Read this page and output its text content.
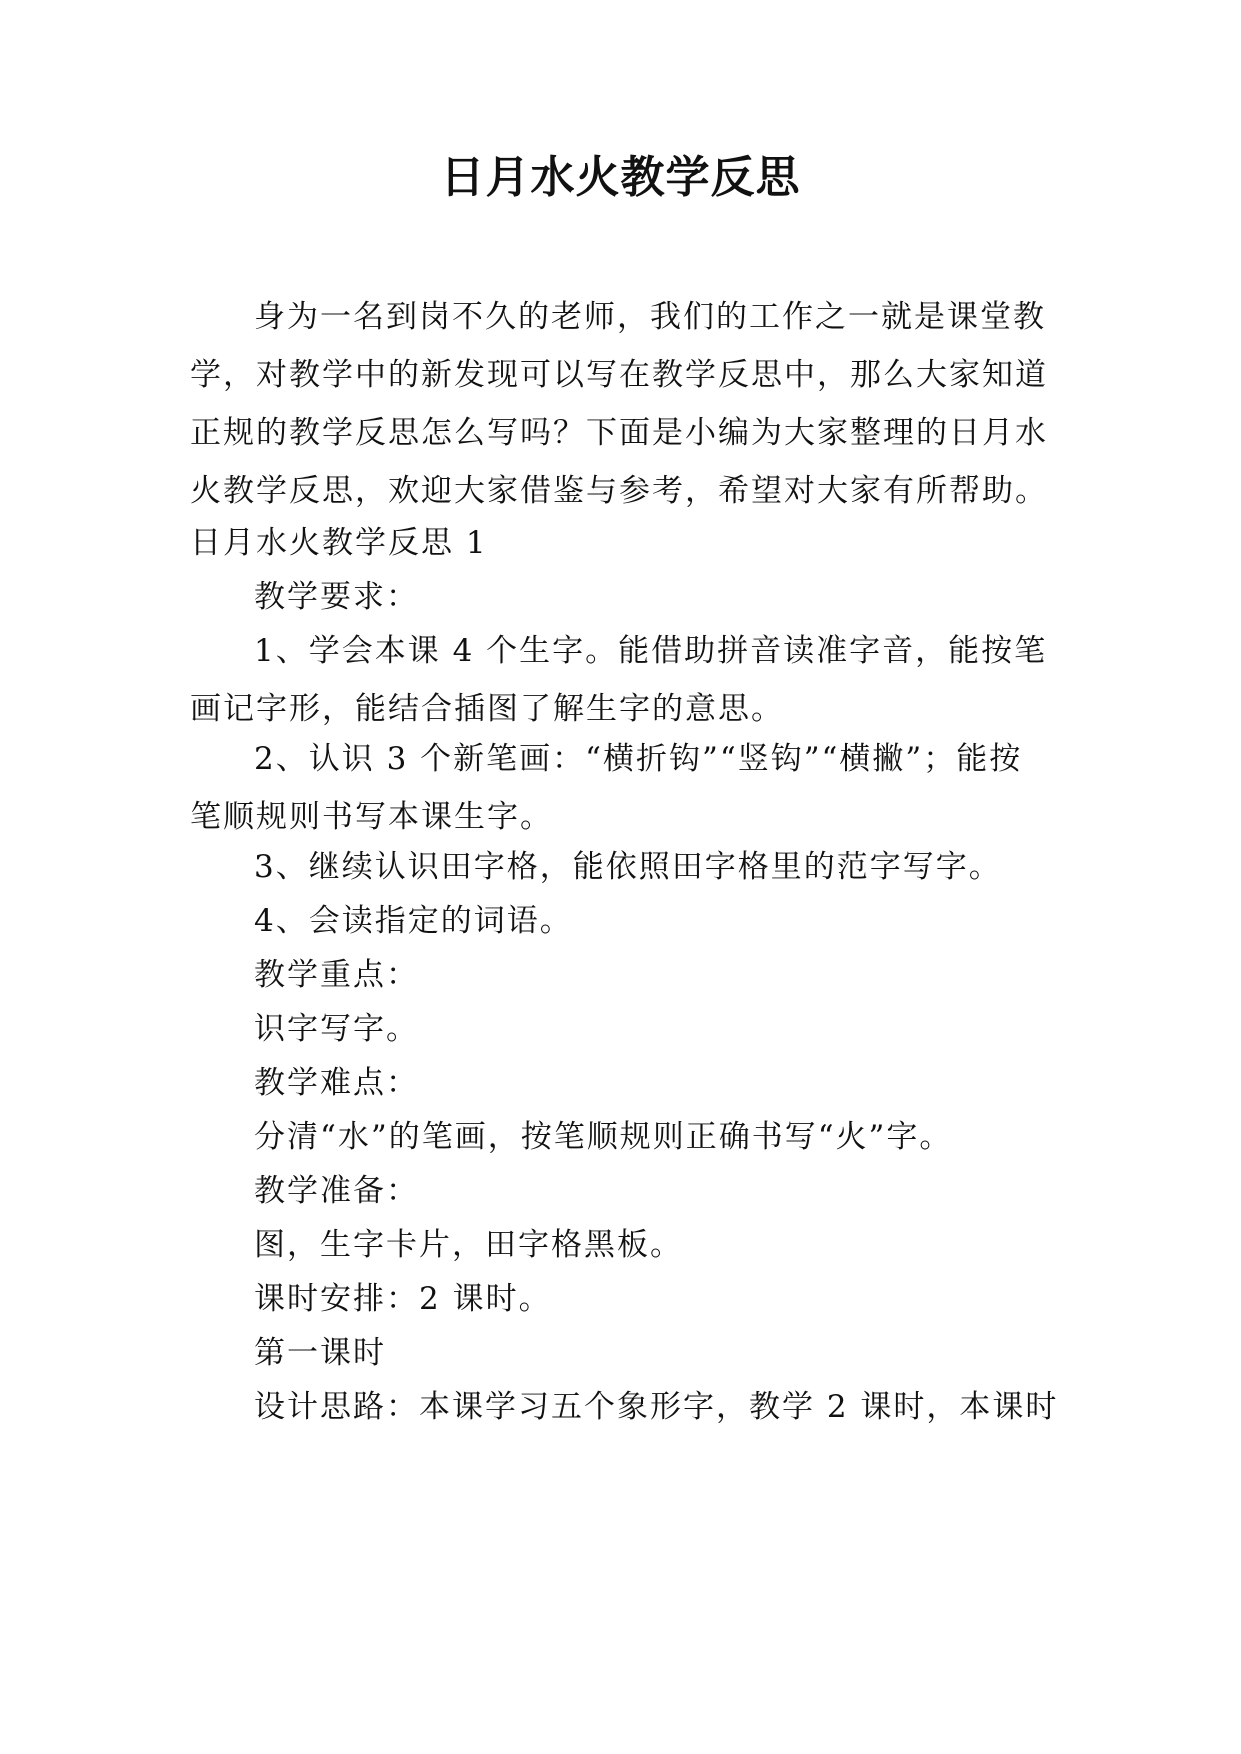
日月水火教学反思

身为一名到岗不久的老师，我们的工作之一就是课堂教学，对教学中的新发现可以写在教学反思中，那么大家知道正规的教学反思怎么写吗？下面是小编为大家整理的日月水火教学反思，欢迎大家借鉴与参考，希望对大家有所帮助。

日月水火教学反思 1

教学要求：

1、学会本课 4 个生字。能借助拼音读准字音，能按笔画记字形，能结合插图了解生字的意思。

2、认识 3 个新笔画：“横折钩”“竖钩”“横撇”；能按笔顺规则书写本课生字。

3、继续认识田字格，能依照田字格里的范字写字。

4、会读指定的词语。

教学重点：

识字写字。

教学难点：

分清“水”的笔画，按笔顺规则正确书写“火”字。

教学准备：

图，生字卡片，田字格黑板。

课时安排：2 课时。

第一课时

设计思路：本课学习五个象形字，教学 2 课时，本课时
